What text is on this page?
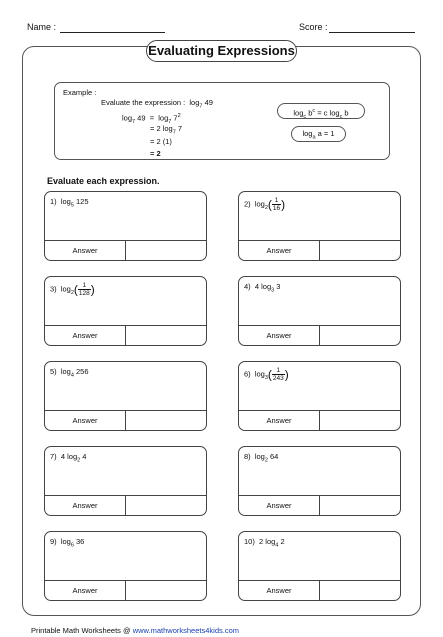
Name :	Score :
Evaluating Expressions
Example :
Evaluate the expression : $\log_7 49$
$\log_7 49 = \log_7 7^2$
= 2 $\log_7 7$
= 2 (1)
= 2
$\log_c b^c = c$ $\log_c b$
$\log_a a = 1$
Evaluate each expression.
1) $\log_5 125$
Answer
2) $\log_2( \frac{1}{16}$ )
Answer
3) $\log_2( \frac{1}{128}$ )
Answer
4) 4 $\log_3 3$
Answer
5) $\log_4 256$
Answer
6) $\log_3( \frac{1}{243}$ )
Answer
7) 4 $\log_2 4$
Answer
8) $\log_2 64$
Answer
9) $\log_6 36$
Answer
10) 2 $\log_4 2$
Answer
Printable Math Worksheets @ www.mathworksheets4kids.com
